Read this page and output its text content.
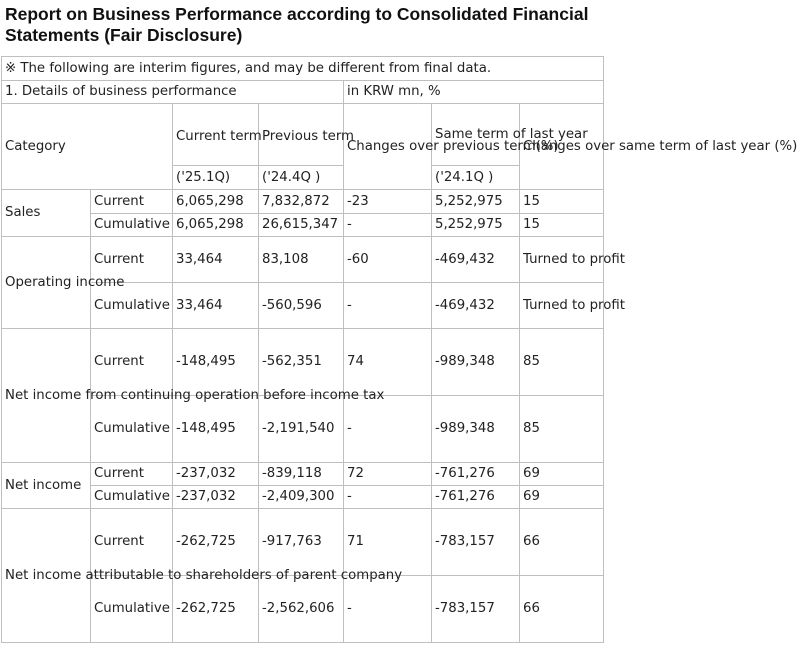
Report on Business Performance according to Consolidated Financial Statements (Fair Disclosure)
※ The following are interim figures, and may be different from final data.						
1. Details of business performance				in KRW mn, %		
Category		Current term	Previous term	Changes over previous term(%)	Same term of last year	Changes over same term of last year (%)
		('25.1Q)	('24.4Q )		('24.1Q )	
Sales	Current	6,065,298	7,832,872	-23	5,252,975	15
	Cumulative	6,065,298	26,615,347	-	5,252,975	15
Operating income	Current	33,464	83,108	-60	-469,432	Turned to profit
	Cumulative	33,464	-560,596	-	-469,432	Turned to profit
Net income from continuing operation before income tax	Current	-148,495	-562,351	74	-989,348	85
	Cumulative	-148,495	-2,191,540	-	-989,348	85
Net income	Current	-237,032	-839,118	72	-761,276	69
	Cumulative	-237,032	-2,409,300	-	-761,276	69
Net income attributable to shareholders of parent company	Current	-262,725	-917,763	71	-783,157	66
	Cumulative	-262,725	-2,562,606	-	-783,157	66
